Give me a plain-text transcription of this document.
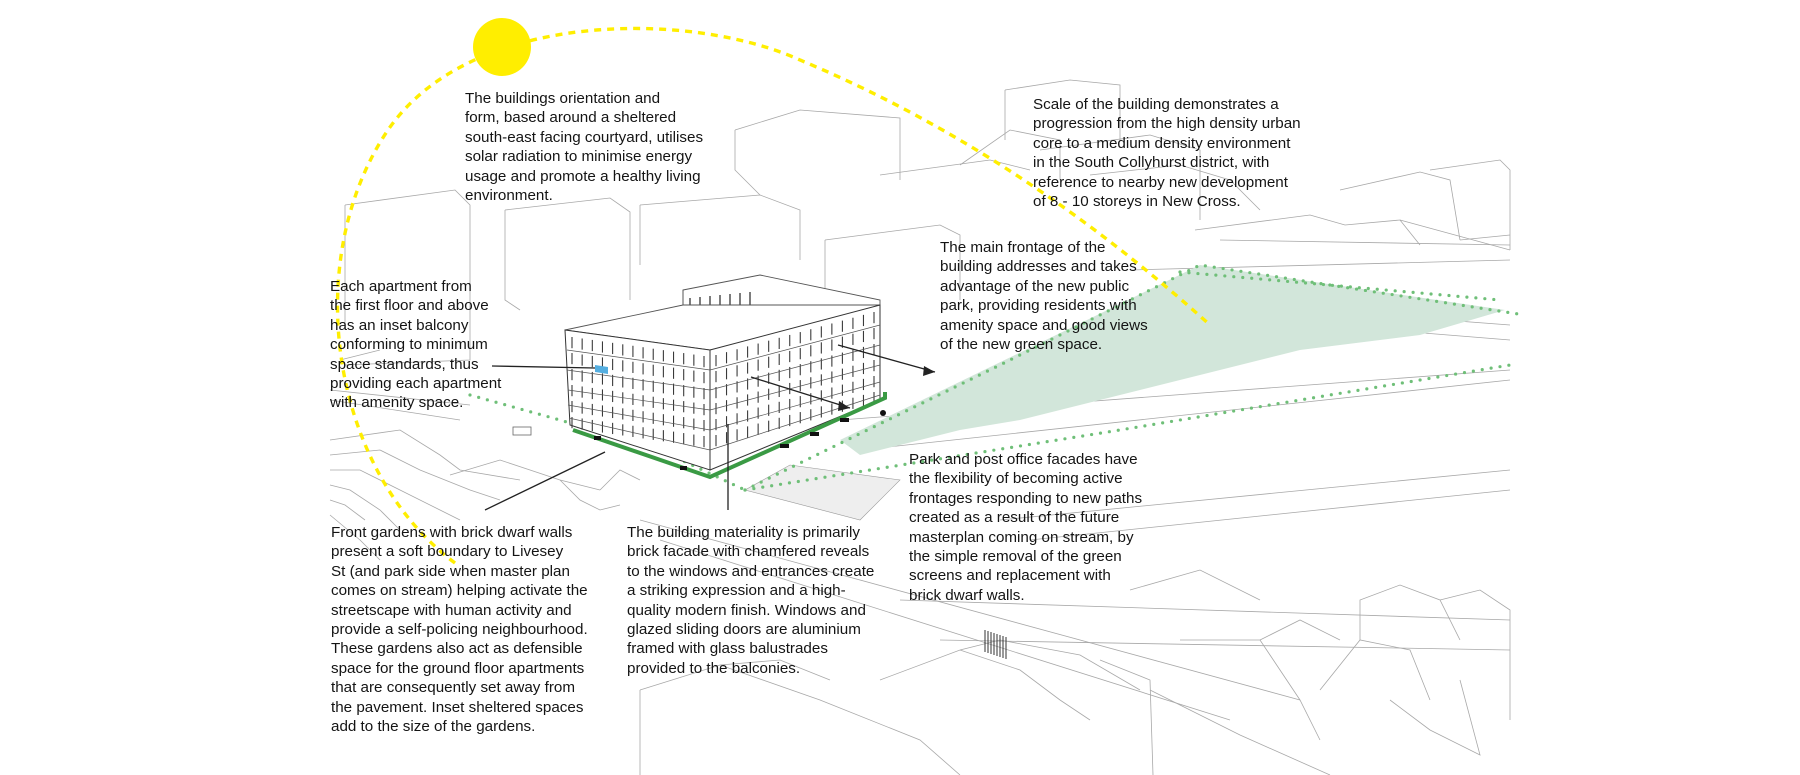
The buildings orientation and
form, based around a sheltered
south-east facing courtyard, utilises
solar radiation to minimise energy
usage and promote a healthy living
environment.
Scale of the building demonstrates a
progression from the high density urban
core to a medium density environment
in the South Collyhurst district, with
reference to nearby new development
of 8 - 10 storeys in New Cross.
The main frontage of the
building addresses and takes
advantage of the new public
park, providing residents with
amenity space and good views
of the new green space.
Each apartment from
the first floor and above
has an inset balcony
conforming to minimum
space standards, thus
providing each apartment
with amenity space.
Front gardens with brick dwarf walls
present a soft boundary to Livesey
St (and park side when master plan
comes on stream) helping activate the
streetscape with human activity and
provide a self-policing neighbourhood.
These gardens also act as defensible
space for the ground floor apartments
that are consequently set away from
the pavement. Inset sheltered spaces
add to the size of the gardens.
The building materiality is primarily
brick facade with chamfered reveals
to the windows and entrances create
a striking expression and a high-
quality modern finish. Windows and
glazed sliding doors are aluminium
framed with glass balustrades
provided to the balconies.
Park and post office facades have
the flexibility of becoming active
frontages responding to new paths
created as a result of the future
masterplan coming on stream, by
the simple removal of the green
screens and replacement with
brick dwarf walls.
